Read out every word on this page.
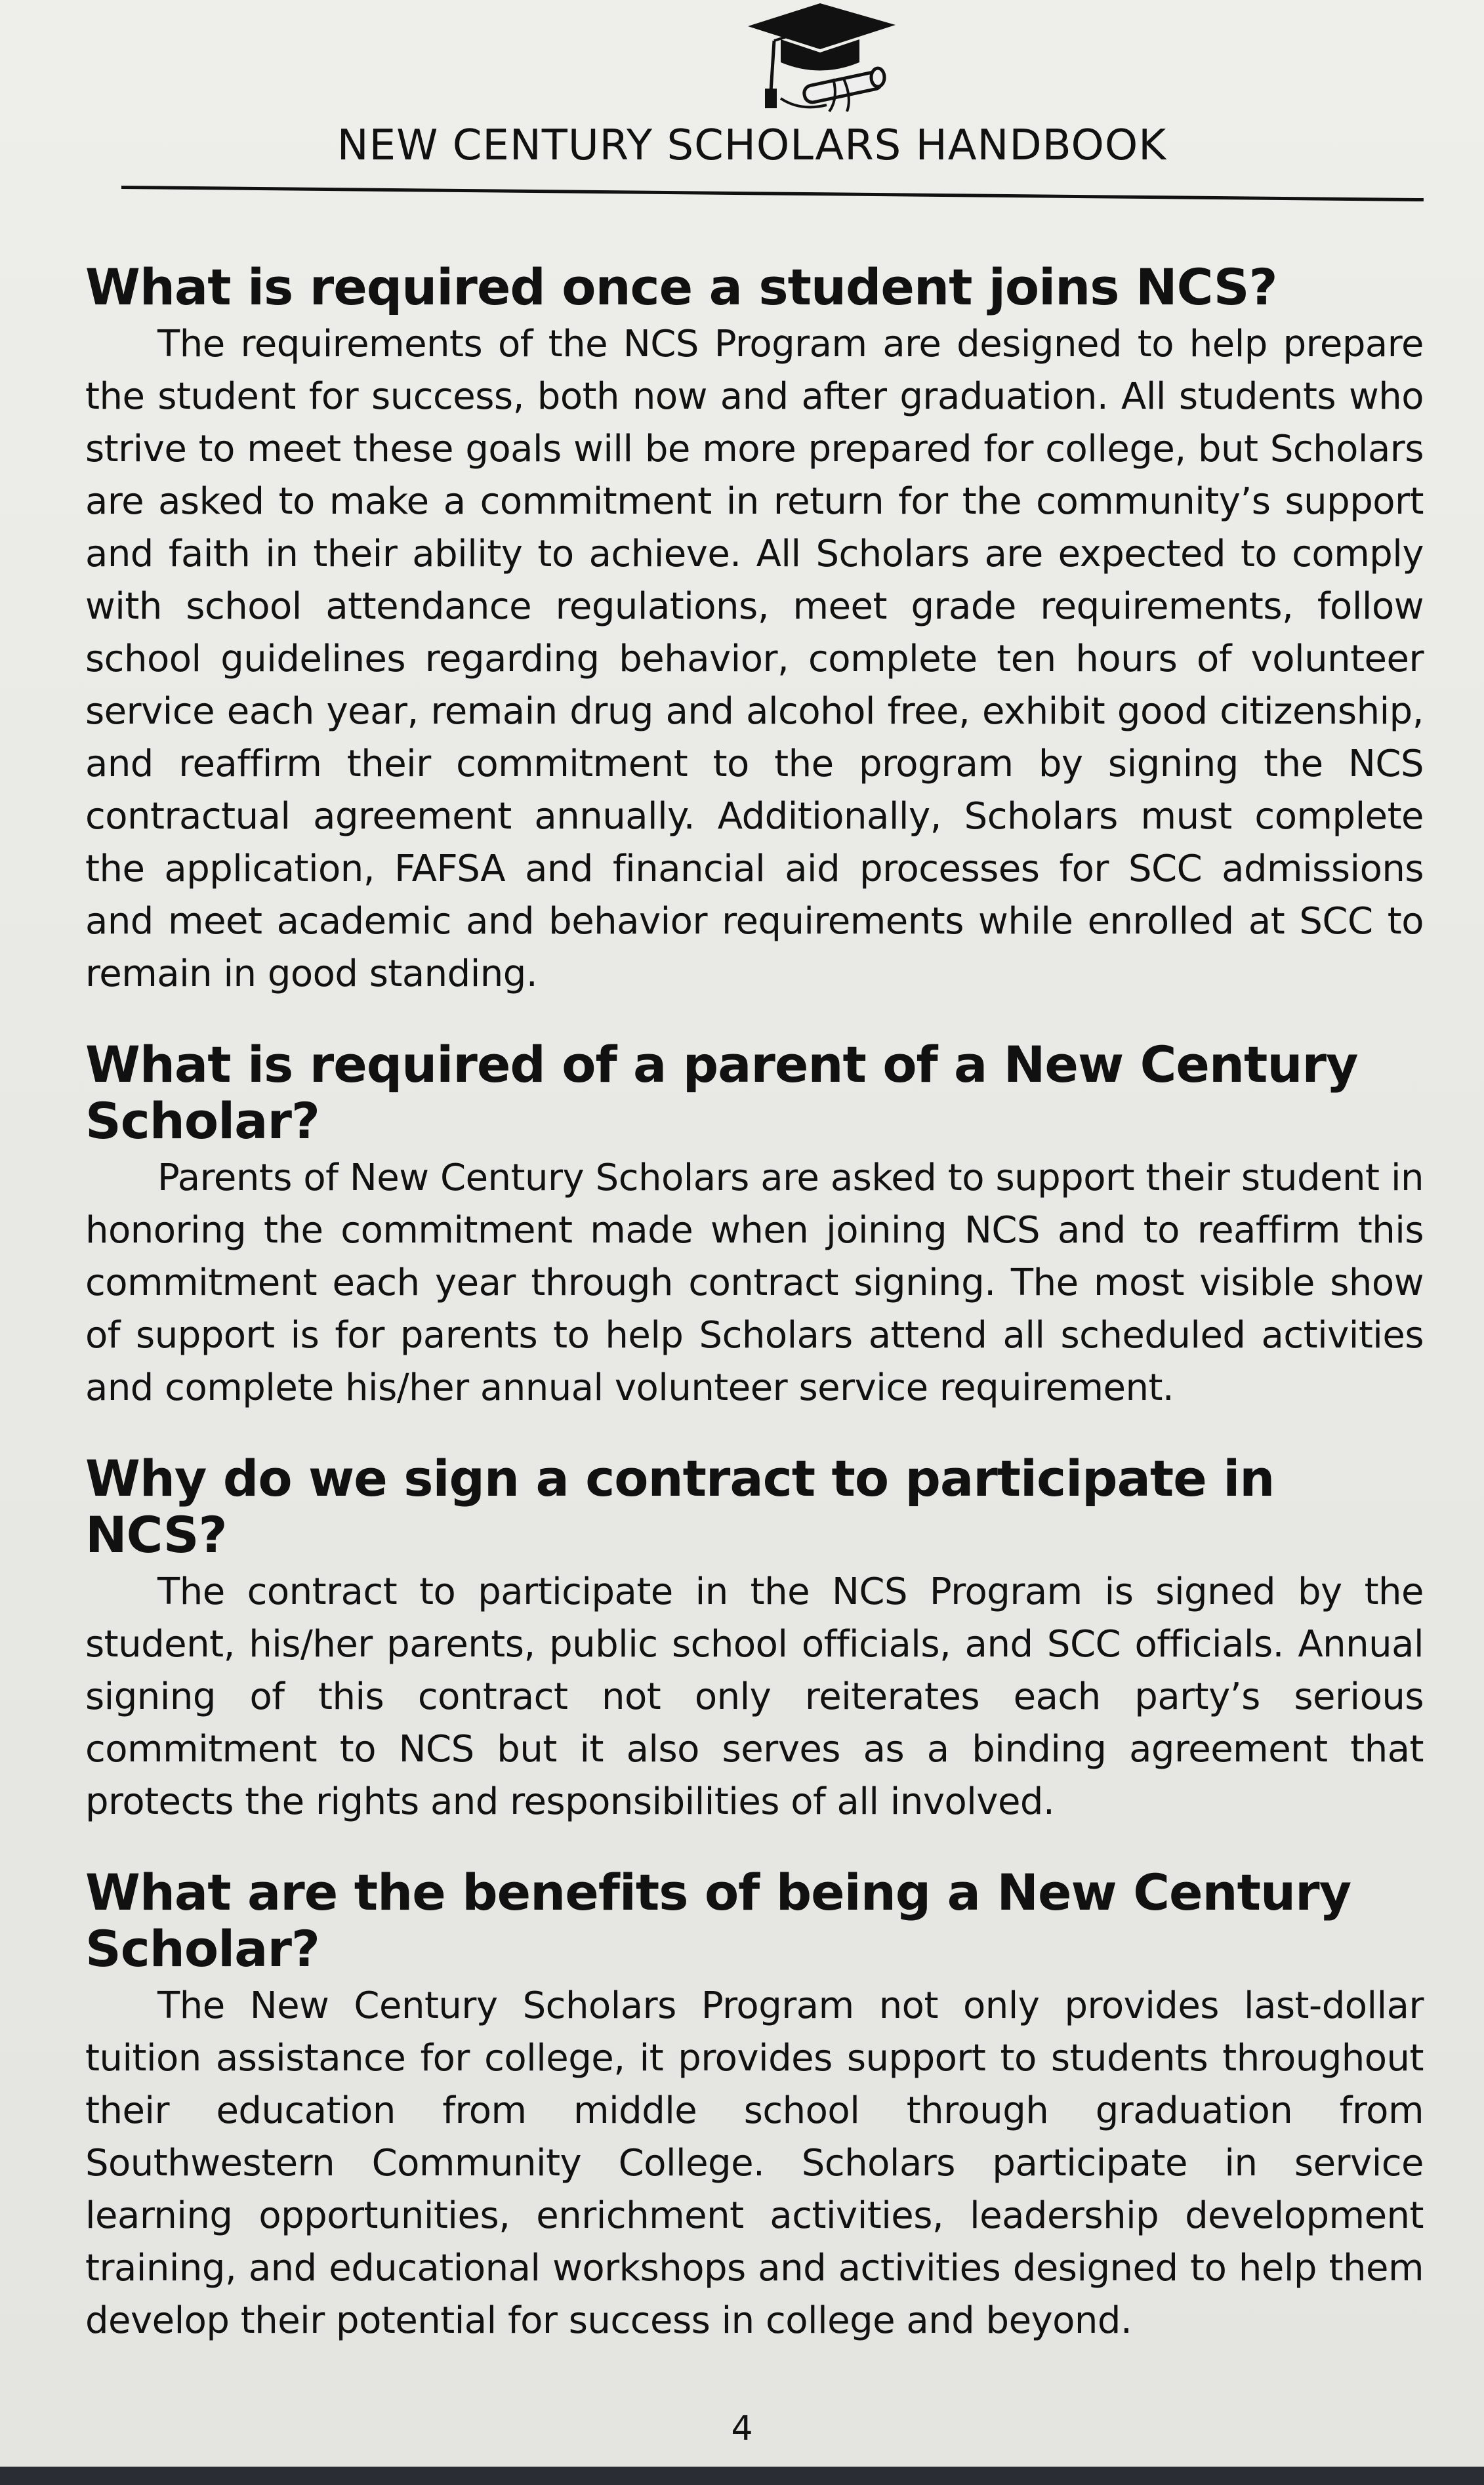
NEW CENTURY SCHOLARS HANDBOOK
What is required once a student joins NCS?

The requirements of the NCS Program are designed to help prepare the student for success, both now and after graduation. All students who strive to meet these goals will be more prepared for college, but Scholars are asked to make a commitment in return for the community’s support and faith in their ability to achieve. All Scholars are expected to comply with school attendance regulations, meet grade requirements, follow school guidelines regarding behavior, complete ten hours of volunteer service each year, remain drug and alcohol free, exhibit good citizenship, and reaffirm their commitment to the program by signing the NCS contractual agreement annually. Additionally, Scholars must complete the application, FAFSA and financial aid processes for SCC admissions and meet academic and behavior requirements while enrolled at SCC to remain in good standing.

What is required of a parent of a New Century Scholar?

Parents of New Century Scholars are asked to support their student in honoring the commitment made when joining NCS and to reaffirm this commitment each year through contract signing. The most visible show of support is for parents to help Scholars attend all scheduled activities and complete his/her annual volunteer service requirement.

Why do we sign a contract to participate in NCS?

The contract to participate in the NCS Program is signed by the student, his/her parents, public school officials, and SCC officials. Annual signing of this contract not only reiterates each party’s serious commitment to NCS but it also serves as a binding agreement that protects the rights and responsibilities of all involved.

What are the benefits of being a New Century Scholar?

The New Century Scholars Program not only provides last-dollar tuition assistance for college, it provides support to students throughout their education from middle school through graduation from Southwestern Community College. Scholars participate in service learning opportunities, enrichment activities, leadership development training, and educational workshops and activities designed to help them develop their potential for success in college and beyond.

4
